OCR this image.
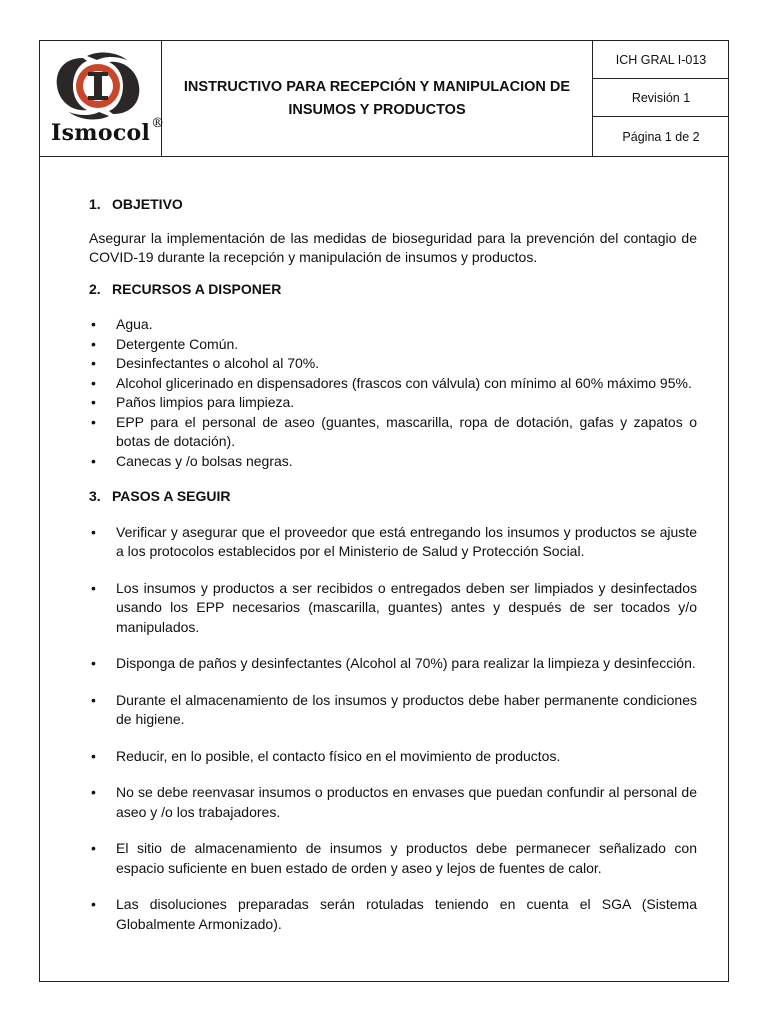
Ismocol®
INSTRUCTIVO PARA RECEPCIÓN Y MANIPULACION DE INSUMOS Y PRODUCTOS
ICH GRAL I-013
Revisión 1
Página 1 de 2
1. OBJETIVO

Asegurar la implementación de las medidas de bioseguridad para la prevención del contagio de COVID-19 durante la recepción y manipulación de insumos y productos.

2. RECURSOS A DISPONER
• Agua.
• Detergente Común.
• Desinfectantes o alcohol al 70%.
• Alcohol glicerinado en dispensadores (frascos con válvula) con mínimo al 60% máximo 95%.
• Paños limpios para limpieza.
• EPP para el personal de aseo (guantes, mascarilla, ropa de dotación, gafas y zapatos o botas de dotación).
• Canecas y /o bolsas negras.
3. PASOS A SEGUIR
• Verificar y asegurar que el proveedor que está entregando los insumos y productos se ajuste a los protocolos establecidos por el Ministerio de Salud y Protección Social.
• Los insumos y productos a ser recibidos o entregados deben ser limpiados y desinfectados usando los EPP necesarios (mascarilla, guantes) antes y después de ser tocados y/o manipulados.
• Disponga de paños y desinfectantes (Alcohol al 70%) para realizar la limpieza y desinfección.
• Durante el almacenamiento de los insumos y productos debe haber permanente condiciones de higiene.
• Reducir, en lo posible, el contacto físico en el movimiento de productos.
• No se debe reenvasar insumos o productos en envases que puedan confundir al personal de aseo y /o los trabajadores.
• El sitio de almacenamiento de insumos y productos debe permanecer señalizado con espacio suficiente en buen estado de orden y aseo y lejos de fuentes de calor.
• Las disoluciones preparadas serán rotuladas teniendo en cuenta el SGA (Sistema Globalmente Armonizado).
